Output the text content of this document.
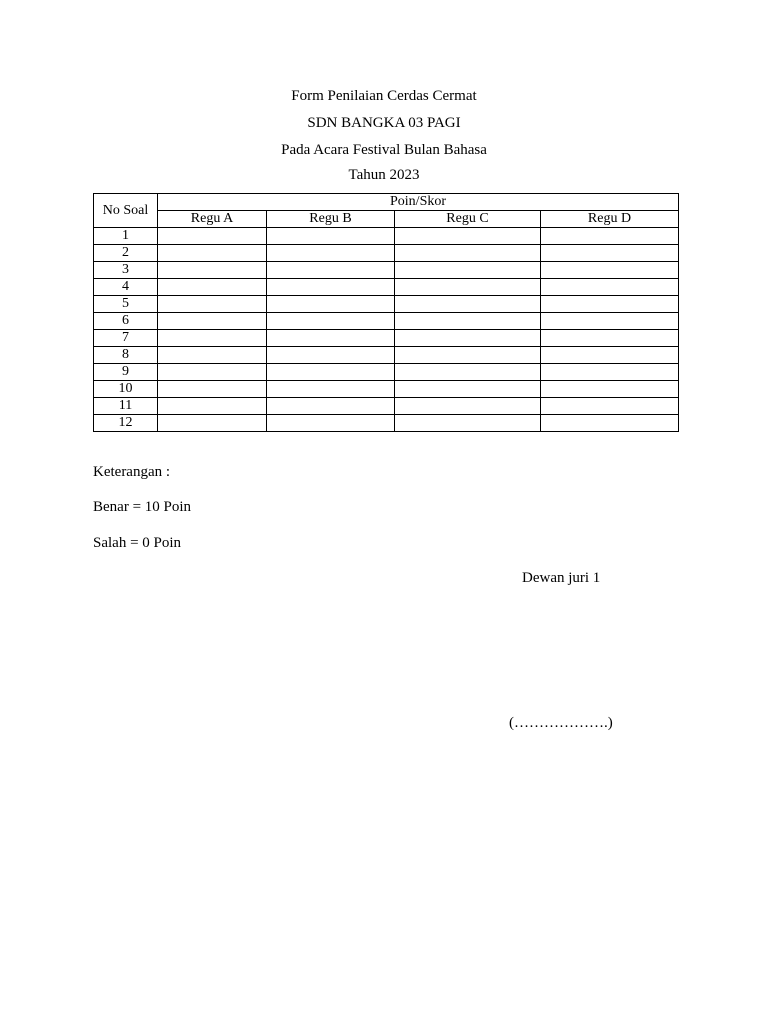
Form Penilaian Cerdas Cermat
SDN BANGKA 03 PAGI
Pada Acara Festival Bulan Bahasa
Tahun 2023
No Soal	Poin/Skor			
	Regu A	Regu B	Regu C	Regu D
1				
2				
3				
4				
5				
6				
7				
8				
9				
10				
11				
12				
Keterangan :
Benar = 10 Poin
Salah = 0 Poin
Dewan juri 1
(……………….)
